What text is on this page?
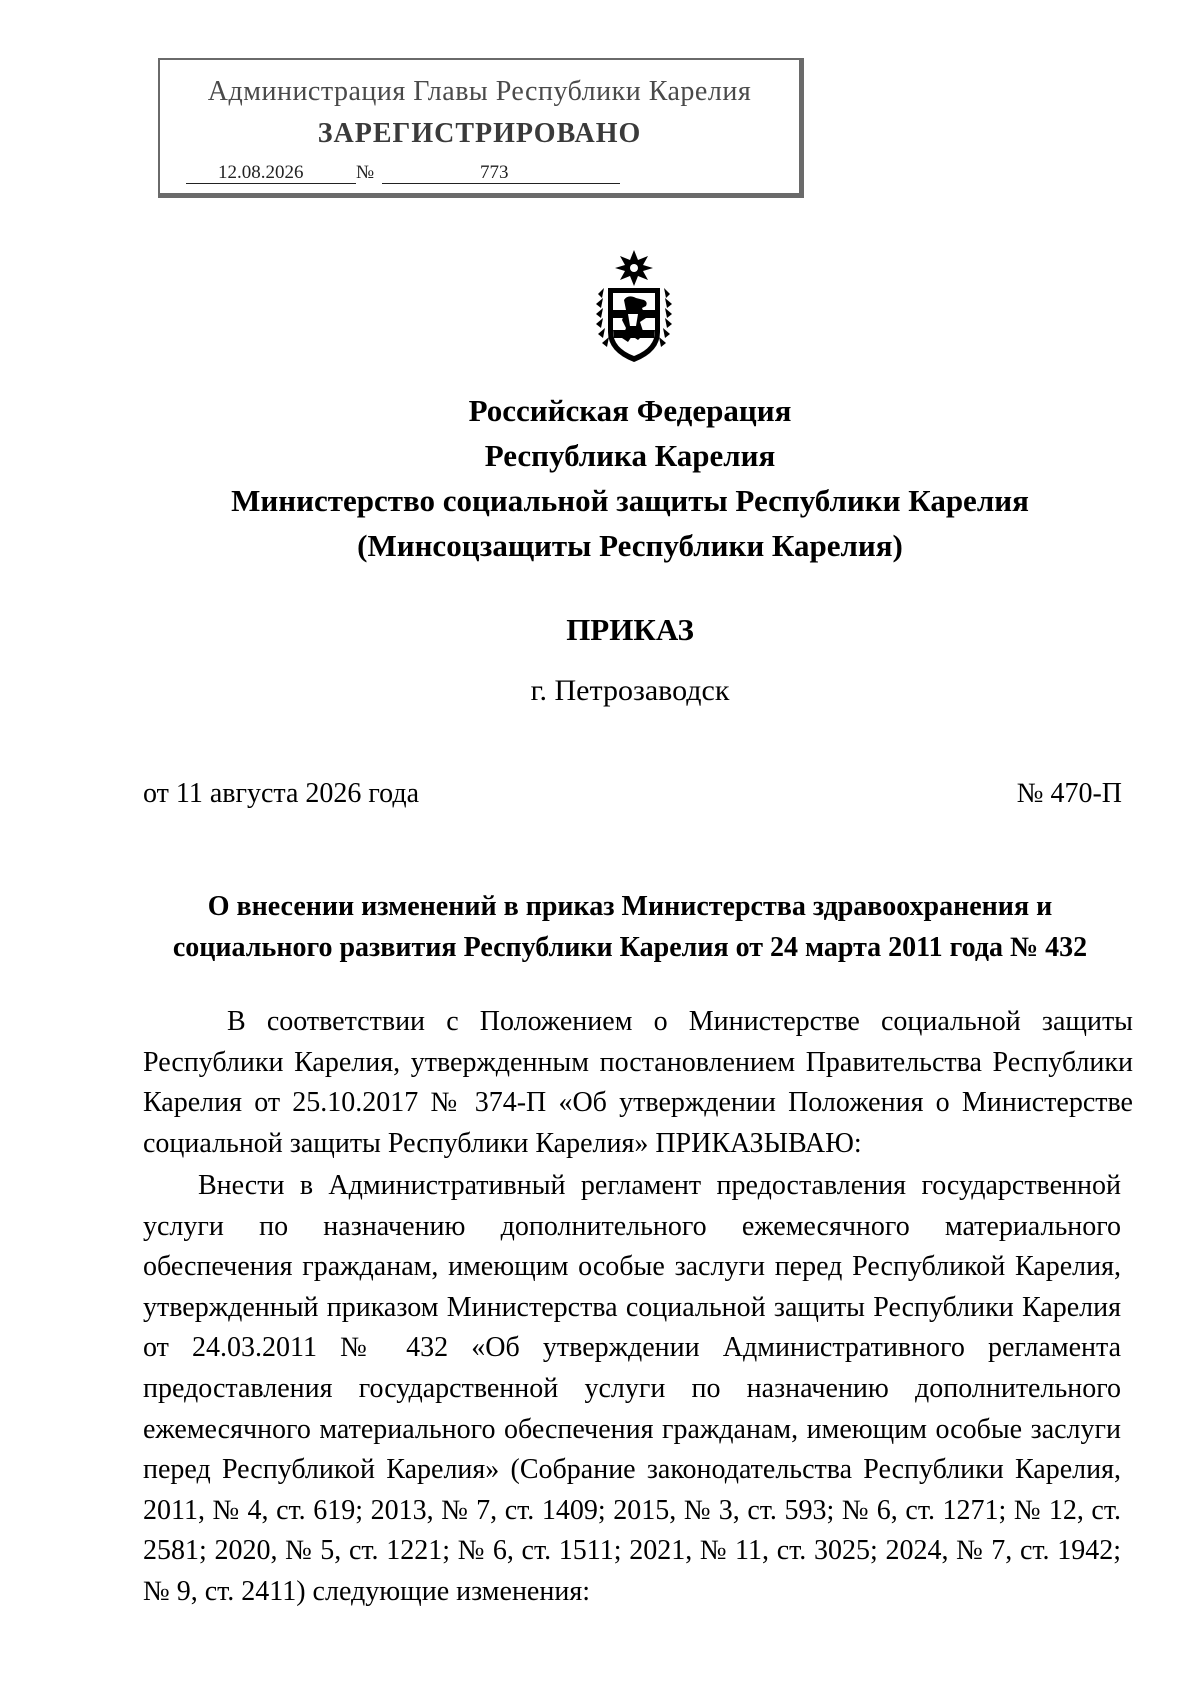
Администрация Главы Республики Карелия
ЗАРЕГИСТРИРОВАНО
12.08.2026	№	773
Российская Федерация
Республика Карелия
Министерство социальной защиты Республики Карелия
(Минсоцзащиты Республики Карелия)
ПРИКАЗ
г. Петрозаводск
от 11 августа 2026 года	№ 470-П
О внесении изменений в приказ Министерства здравоохранения и
социального развития Республики Карелия от 24 марта 2011 года № 432
В соответствии с Положением о Министерстве социальной защиты Республики Карелия, утвержденным постановлением Правительства Республики Карелия от 25.10.2017 № 374-П «Об утверждении Положения о Министерстве социальной защиты Республики Карелия» ПРИКАЗЫВАЮ:
Внести в Административный регламент предоставления государственной услуги по назначению дополнительного ежемесячного материального обеспечения гражданам, имеющим особые заслуги перед Республикой Карелия, утвержденный приказом Министерства социальной защиты Республики Карелия от 24.03.2011 № 432 «Об утверждении Административного регламента предоставления государственной услуги по назначению дополнительного ежемесячного материального обеспечения гражданам, имеющим особые заслуги перед Республикой Карелия» (Собрание законодательства Республики Карелия, 2011, № 4, ст. 619; 2013, № 7, ст. 1409; 2015, № 3, ст. 593; № 6, ст. 1271; № 12, ст. 2581; 2020, № 5, ст. 1221; № 6, ст. 1511; 2021, № 11, ст. 3025; 2024, № 7, ст. 1942; № 9, ст. 2411) следующие изменения:
